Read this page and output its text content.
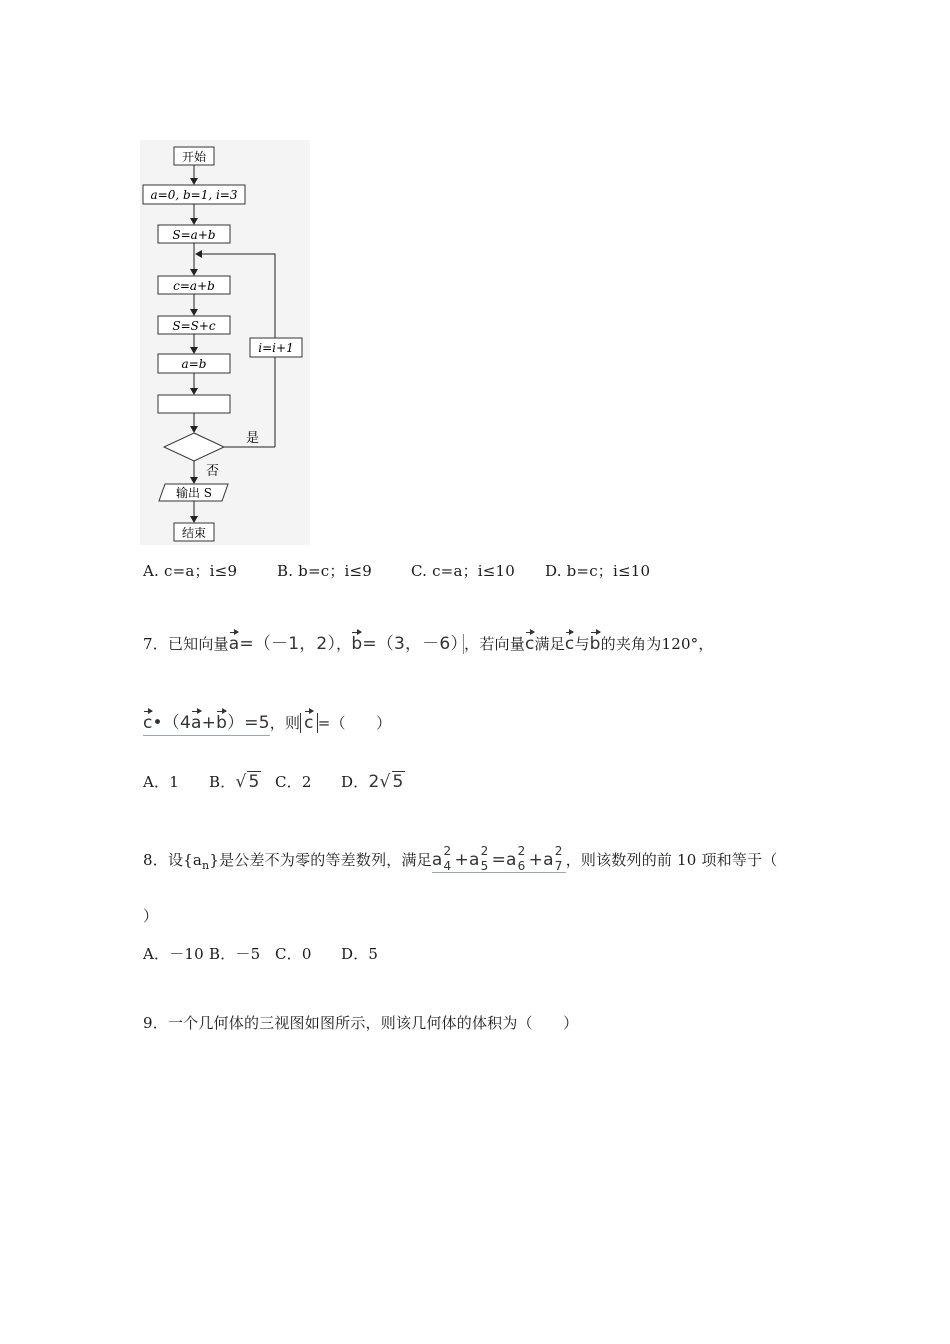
开始
a=0, b=1, i=3
S=a+b
c=a+b
S=S+c
a=b
是
i=i+1
否
输出 S
结束
A. c=a；i≤9	B. b=c；i≤9	C. c=a；i≤10 D. b=c；i≤10
7．已知向量a=（－1，2），b=（3，－6） ，若向量c满足c与b的夹角为120°，
c•（4a+b）=5，则 c =（　　）
A．1 B．√ 5 C．2 D．2√ 5
8．设$\{a_n\}$是公差不为零的等差数列，满足a 2
4 +a 2
5 =a 2
6 +a 2
7 ，则该数列的前 10 项和等于（
）
A．－10 B．－5 C．0 D．5
9．一个几何体的三视图如图所示，则该几何体的体积为（　　）
